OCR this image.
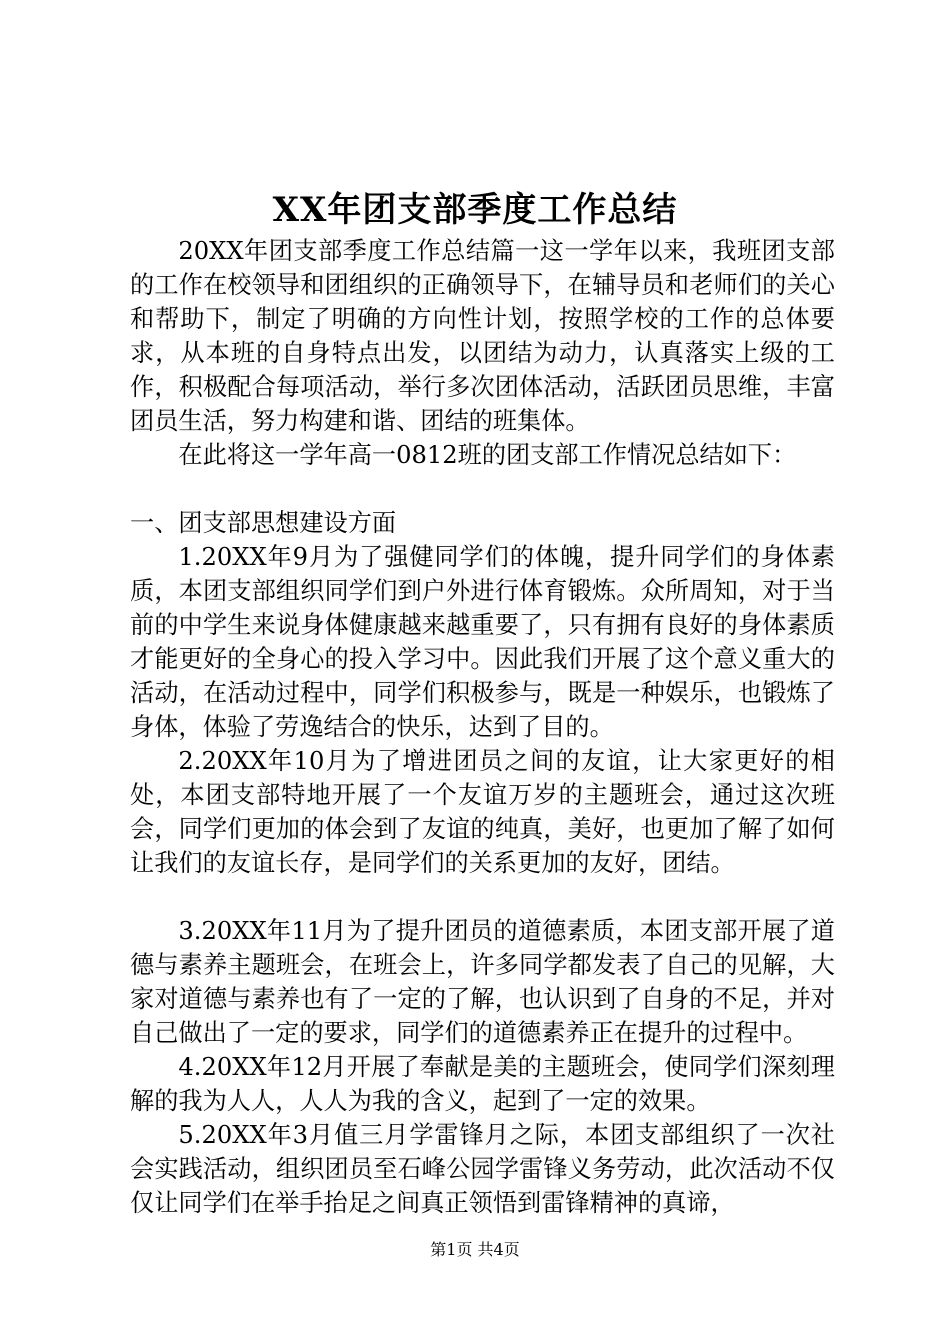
XX年团支部季度工作总结

20XX年团支部季度工作总结篇一这一学年以来，我班团支部的工作在校领导和团组织的正确领导下，在辅导员和老师们的关心和帮助下，制定了明确的方向性计划，按照学校的工作的总体要求，从本班的自身特点出发，以团结为动力，认真落实上级的工作，积极配合每项活动，举行多次团体活动，活跃团员思维，丰富团员生活，努力构建和谐、团结的班集体。

在此将这一学年高一0812班的团支部工作情况总结如下：

一、团支部思想建设方面

1.20XX年9月为了强健同学们的体魄，提升同学们的身体素质，本团支部组织同学们到户外进行体育锻炼。众所周知，对于当前的中学生来说身体健康越来越重要了，只有拥有良好的身体素质才能更好的全身心的投入学习中。因此我们开展了这个意义重大的活动，在活动过程中，同学们积极参与，既是一种娱乐，也锻炼了身体，体验了劳逸结合的快乐，达到了目的。

2.20XX年10月为了增进团员之间的友谊，让大家更好的相处，本团支部特地开展了一个友谊万岁的主题班会，通过这次班会，同学们更加的体会到了友谊的纯真，美好，也更加了解了如何让我们的友谊长存，是同学们的关系更加的友好，团结。

3.20XX年11月为了提升团员的道德素质，本团支部开展了道德与素养主题班会，在班会上，许多同学都发表了自己的见解，大家对道德与素养也有了一定的了解，也认识到了自身的不足，并对自己做出了一定的要求，同学们的道德素养正在提升的过程中。

4.20XX年12月开展了奉献是美的主题班会，使同学们深刻理解的我为人人，人人为我的含义，起到了一定的效果。

5.20XX年3月值三月学雷锋月之际，本团支部组织了一次社会实践活动，组织团员至石峰公园学雷锋义务劳动，此次活动不仅仅让同学们在举手抬足之间真正领悟到雷锋精神的真谛，

第1页 共4页
